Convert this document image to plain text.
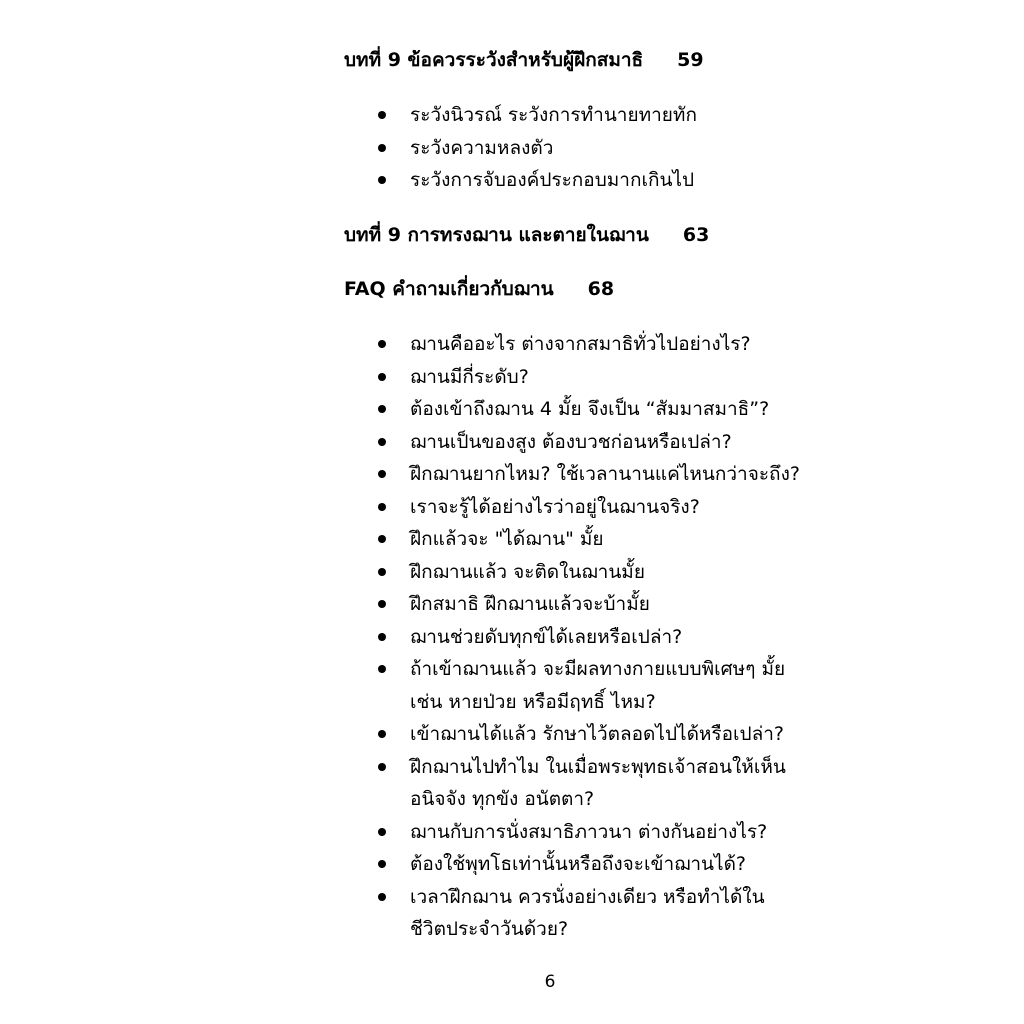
บทที่ 9 ข้อควรระวังสำหรับผู้ฝึกสมาธิ 59
ระวังนิวรณ์ ระวังการทำนายทายทัก
ระวังความหลงตัว
ระวังการจับองค์ประกอบมากเกินไป
บทที่ 9 การทรงฌาน และตายในฌาน 63
FAQ คำถามเกี่ยวกับฌาน 68
ฌานคืออะไร ต่างจากสมาธิทั่วไปอย่างไร?
ฌานมีกี่ระดับ?
ต้องเข้าถึงฌาน 4 มั้ย จึงเป็น “สัมมาสมาธิ”?
ฌานเป็นของสูง ต้องบวชก่อนหรือเปล่า?
ฝึกฌานยากไหม? ใช้เวลานานแค่ไหนกว่าจะถึง?
เราจะรู้ได้อย่างไรว่าอยู่ในฌานจริง?
ฝึกแล้วจะ "ได้ฌาน" มั้ย
ฝึกฌานแล้ว จะติดในฌานมั้ย
ฝึกสมาธิ ฝึกฌานแล้วจะบ้ามั้ย
ฌานช่วยดับทุกข์ได้เลยหรือเปล่า?
ถ้าเข้าฌานแล้ว จะมีผลทางกายแบบพิเศษๆ มั้ย
เช่น หายป่วย หรือมีฤทธิ์ ไหม?
เข้าฌานได้แล้ว รักษาไว้ตลอดไปได้หรือเปล่า?
ฝึกฌานไปทำไม ในเมื่อพระพุทธเจ้าสอนให้เห็น
อนิจจัง ทุกขัง อนัตตา?
ฌานกับการนั่งสมาธิภาวนา ต่างกันอย่างไร?
ต้องใช้พุทโธเท่านั้นหรือถึงจะเข้าฌานได้?
เวลาฝึกฌาน ควรนั่งอย่างเดียว หรือทำได้ใน
ชีวิตประจำวันด้วย?
6
